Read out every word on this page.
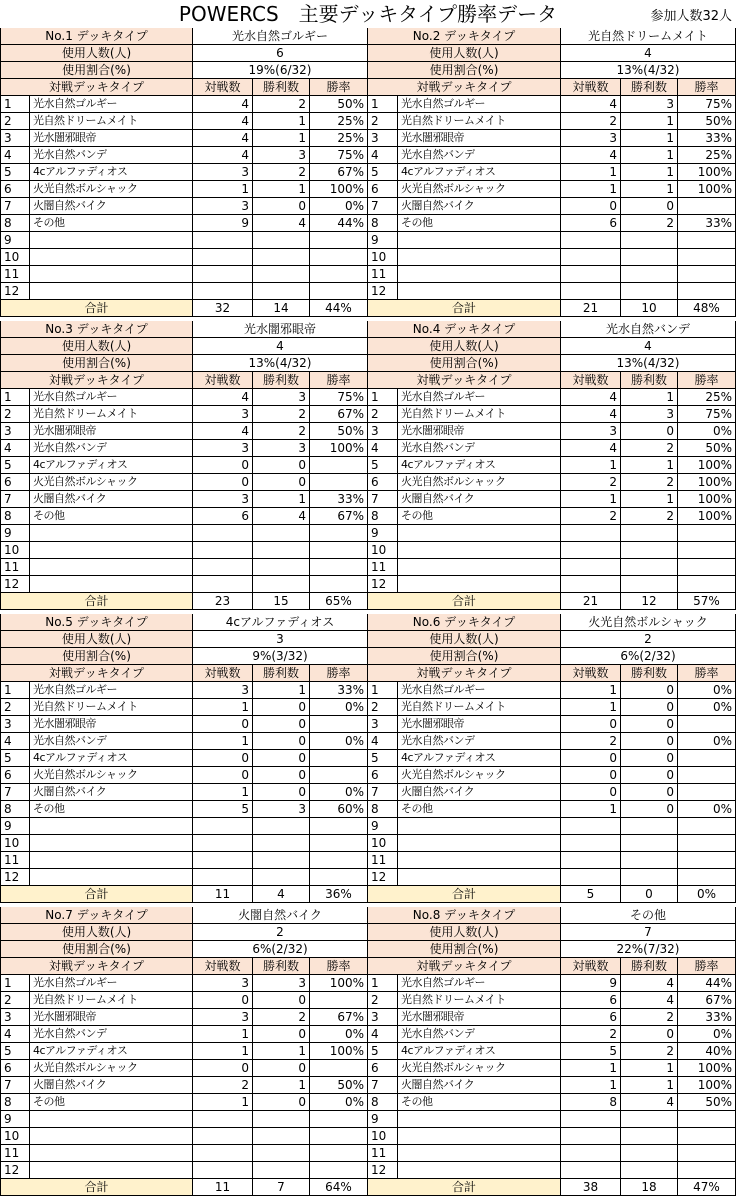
POWERCS　主要デッキタイプ勝率データ	参加人数32人
No.1 デッキタイプ	光水自然ゴルギー
使用人数(人)	6
使用割合(%)	19%(6/32)
対戦デッキタイプ	対戦数	勝利数	勝率
1	光水自然ゴルギー	4	2	50%
2	光自然ドリームメイト	4	1	25%
3	光水闇邪眼帝	4	1	25%
4	光水自然バンデ	4	3	75%
5	4cアルファディオス	3	2	67%
6	火光自然ボルシャック	1	1	100%
7	火闇自然バイク	3	0	0%
8	その他	9	4	44%
9
10
11
12
合計	32	14	44%
No.2 デッキタイプ	光自然ドリームメイト
使用人数(人)	4
使用割合(%)	13%(4/32)
対戦デッキタイプ	対戦数	勝利数	勝率
1	光水自然ゴルギー	4	3	75%
2	光自然ドリームメイト	2	1	50%
3	光水闇邪眼帝	3	1	33%
4	光水自然バンデ	4	1	25%
5	4cアルファディオス	1	1	100%
6	火光自然ボルシャック	1	1	100%
7	火闇自然バイク	0	0
8	その他	6	2	33%
9
10
11
12
合計	21	10	48%
No.3 デッキタイプ	光水闇邪眼帝
使用人数(人)	4
使用割合(%)	13%(4/32)
対戦デッキタイプ	対戦数	勝利数	勝率
1	光水自然ゴルギー	4	3	75%
2	光自然ドリームメイト	3	2	67%
3	光水闇邪眼帝	4	2	50%
4	光水自然バンデ	3	3	100%
5	4cアルファディオス	0	0
6	火光自然ボルシャック	0	0
7	火闇自然バイク	3	1	33%
8	その他	6	4	67%
9
10
11
12
合計	23	15	65%
No.4 デッキタイプ	光水自然バンデ
使用人数(人)	4
使用割合(%)	13%(4/32)
対戦デッキタイプ	対戦数	勝利数	勝率
1	光水自然ゴルギー	4	1	25%
2	光自然ドリームメイト	4	3	75%
3	光水闇邪眼帝	3	0	0%
4	光水自然バンデ	4	2	50%
5	4cアルファディオス	1	1	100%
6	火光自然ボルシャック	2	2	100%
7	火闇自然バイク	1	1	100%
8	その他	2	2	100%
9
10
11
12
合計	21	12	57%
No.5 デッキタイプ	4cアルファディオス
使用人数(人)	3
使用割合(%)	9%(3/32)
対戦デッキタイプ	対戦数	勝利数	勝率
1	光水自然ゴルギー	3	1	33%
2	光自然ドリームメイト	1	0	0%
3	光水闇邪眼帝	0	0
4	光水自然バンデ	1	0	0%
5	4cアルファディオス	0	0
6	火光自然ボルシャック	0	0
7	火闇自然バイク	1	0	0%
8	その他	5	3	60%
9
10
11
12
合計	11	4	36%
No.6 デッキタイプ	火光自然ボルシャック
使用人数(人)	2
使用割合(%)	6%(2/32)
対戦デッキタイプ	対戦数	勝利数	勝率
1	光水自然ゴルギー	1	0	0%
2	光自然ドリームメイト	1	0	0%
3	光水闇邪眼帝	0	0
4	光水自然バンデ	2	0	0%
5	4cアルファディオス	0	0
6	火光自然ボルシャック	0	0
7	火闇自然バイク	0	0
8	その他	1	0	0%
9
10
11
12
合計	5	0	0%
No.7 デッキタイプ	火闇自然バイク
使用人数(人)	2
使用割合(%)	6%(2/32)
対戦デッキタイプ	対戦数	勝利数	勝率
1	光水自然ゴルギー	3	3	100%
2	光自然ドリームメイト	0	0
3	光水闇邪眼帝	3	2	67%
4	光水自然バンデ	1	0	0%
5	4cアルファディオス	1	1	100%
6	火光自然ボルシャック	0	0
7	火闇自然バイク	2	1	50%
8	その他	1	0	0%
9
10
11
12
合計	11	7	64%
No.8 デッキタイプ	その他
使用人数(人)	7
使用割合(%)	22%(7/32)
対戦デッキタイプ	対戦数	勝利数	勝率
1	光水自然ゴルギー	9	4	44%
2	光自然ドリームメイト	6	4	67%
3	光水闇邪眼帝	6	2	33%
4	光水自然バンデ	2	0	0%
5	4cアルファディオス	5	2	40%
6	火光自然ボルシャック	1	1	100%
7	火闇自然バイク	1	1	100%
8	その他	8	4	50%
9
10
11
12
合計	38	18	47%
